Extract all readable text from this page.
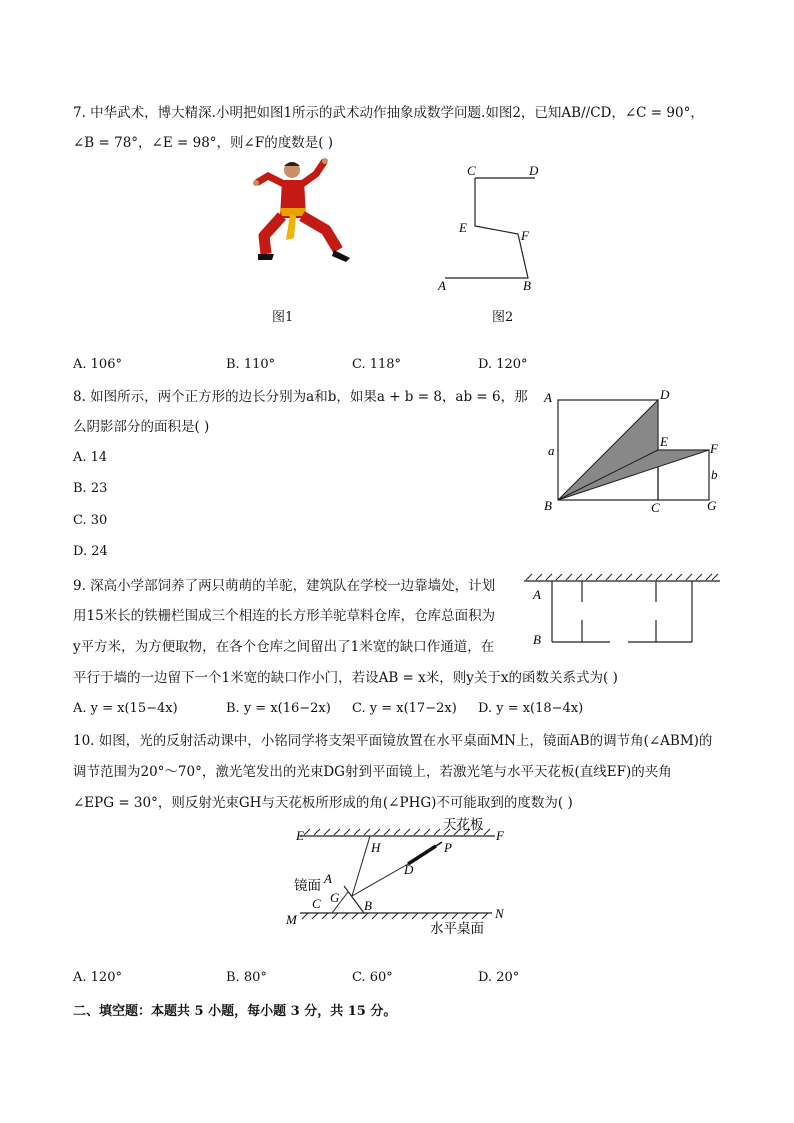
7. 中华武术，博大精深.小明把如图1所示的武术动作抽象成数学问题.如图2，已知AB//CD，∠C = 90°，
∠B = 78°，∠E = 98°，则∠F的度数是( )
图1
C	D
E
F
A	B
图2
A. 106°	B. 110°	C. 118°	D. 120°
8. 如图所示，两个正方形的边长分别为a和b，如果a + b = 8，ab = 6，那
么阴影部分的面积是( )
A. 14
B. 23
C. 30
D. 24
A	D
E	F
a
b
B	C	G
9. 深高小学部饲养了两只萌萌的羊驼，建筑队在学校一边靠墙处，计划
用15米长的铁栅栏围成三个相连的长方形羊驼草料仓库，仓库总面积为
y平方米，为方便取物，在各个仓库之间留出了1米宽的缺口作通道，在
平行于墙的一边留下一个1米宽的缺口作小门，若设AB = x米，则y关于x的函数关系式为( )
A
B
A. y = x(15−4x)	B. y = x(16−2x) C. y = x(17−2x) D. y = x(18−4x)
10. 如图，光的反射活动课中，小铭同学将支架平面镜放置在水平桌面MN上，镜面AB的调节角(∠ABM)的
调节范围为20°～70°，激光笔发出的光束DG射到平面镜上，若激光笔与水平天花板(直线EF)的夹角
∠EPG = 30°，则反射光束GH与天花板所形成的角(∠PHG)不可能取到的度数为( )
E	F
天花板
H	P
D
镜面 A
C G
B
M	N
水平桌面
A. 120°	B. 80°	C. 60°	D. 20°
二、填空题：本题共 5 小题，每小题 3 分，共 15 分。
